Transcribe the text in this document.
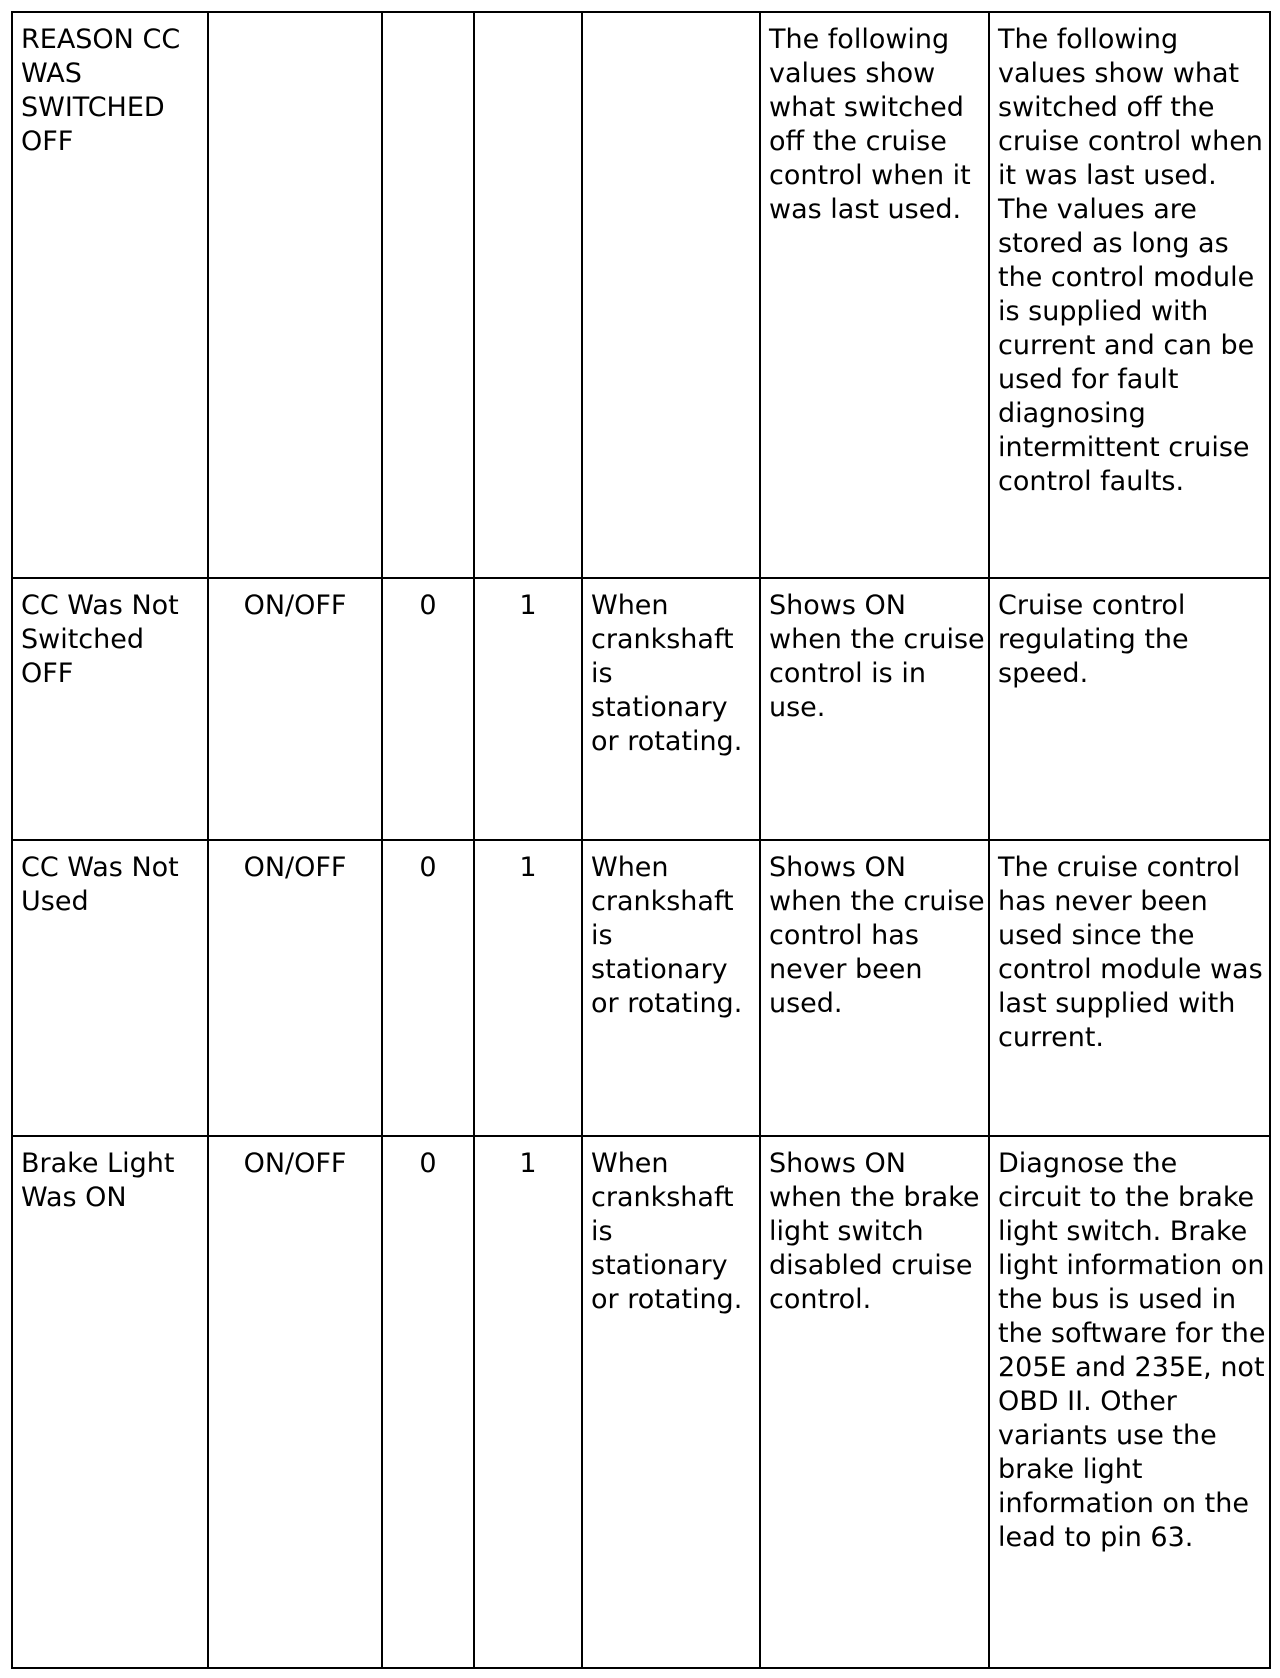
REASON CC WAS SWITCHED OFF					The following values show what switched off the cruise control when it was last used.	The following values show what switched off the cruise control when it was last used. The values are stored as long as the control module is supplied with current and can be used for fault diagnosing intermittent cruise control faults.
CC Was Not Switched OFF	ON/OFF	0	1	When crankshaft is stationary or rotating.	Shows ON when the cruise control is in use.	Cruise control regulating the speed.
CC Was Not Used	ON/OFF	0	1	When crankshaft is stationary or rotating.	Shows ON when the cruise control has never been used.	The cruise control has never been used since the control module was last supplied with current.
Brake Light Was ON	ON/OFF	0	1	When crankshaft is stationary or rotating.	Shows ON when the brake light switch disabled cruise control.	Diagnose the circuit to the brake light switch. Brake light information on the bus is used in the software for the 205E and 235E, not OBD II. Other variants use the brake light information on the lead to pin 63.
